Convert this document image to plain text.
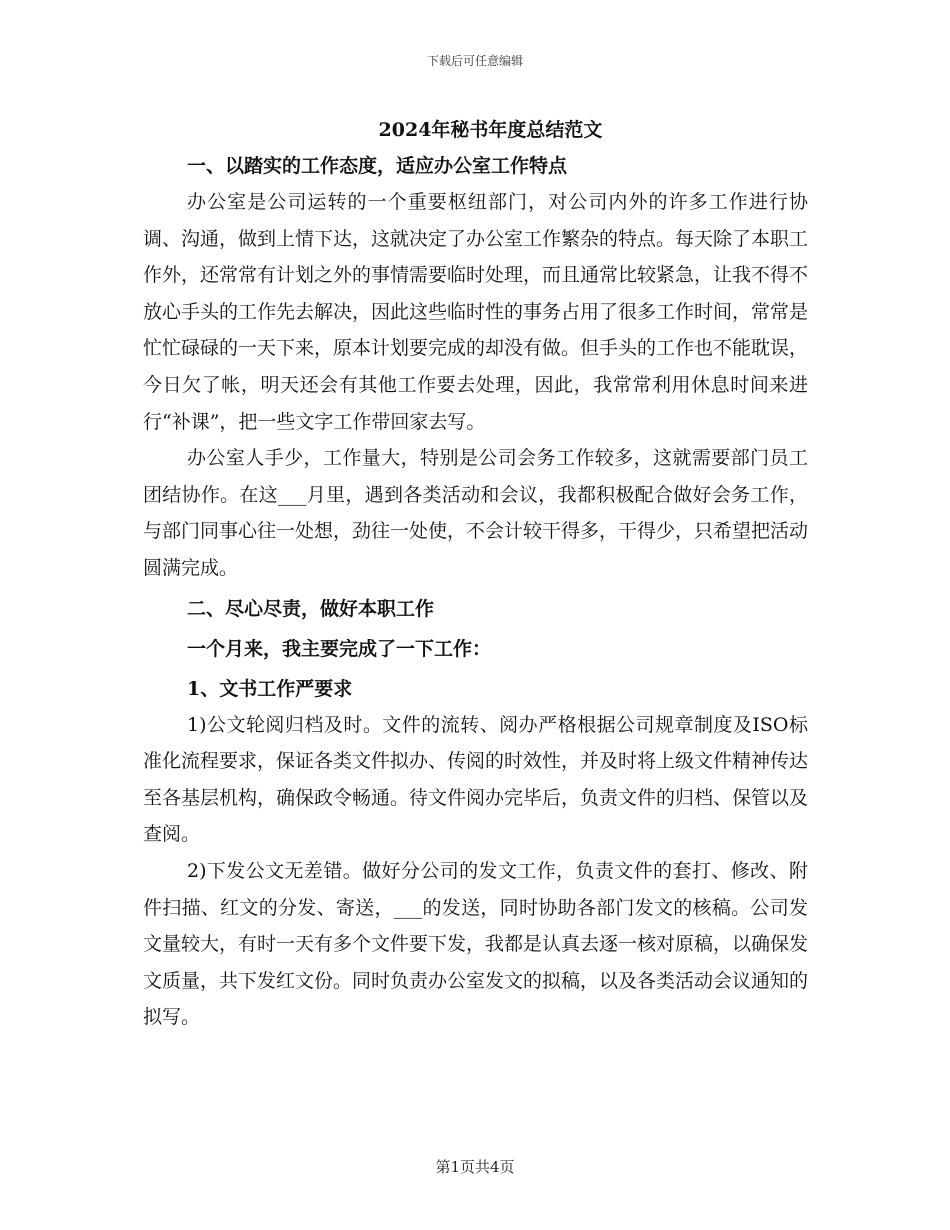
下载后可任意编辑
2024年秘书年度总结范文
一、以踏实的工作态度，适应办公室工作特点

办公室是公司运转的一个重要枢纽部门，对公司内外的许多工作进行协调、沟通，做到上情下达，这就决定了办公室工作繁杂的特点。每天除了本职工作外，还常常有计划之外的事情需要临时处理，而且通常比较紧急，让我不得不放心手头的工作先去解决，因此这些临时性的事务占用了很多工作时间，常常是忙忙碌碌的一天下来，原本计划要完成的却没有做。但手头的工作也不能耽误，今日欠了帐，明天还会有其他工作要去处理，因此，我常常利用休息时间来进行“补课”，把一些文字工作带回家去写。

办公室人手少，工作量大，特别是公司会务工作较多，这就需要部门员工团结协作。在这___月里，遇到各类活动和会议，我都积极配合做好会务工作，与部门同事心往一处想，劲往一处使，不会计较干得多，干得少，只希望把活动圆满完成。

二、尽心尽责，做好本职工作
一个月来，我主要完成了一下工作：
1、文书工作严要求

1)公文轮阅归档及时。文件的流转、阅办严格根据公司规章制度及ISO标准化流程要求，保证各类文件拟办、传阅的时效性，并及时将上级文件精神传达至各基层机构，确保政令畅通。待文件阅办完毕后，负责文件的归档、保管以及查阅。

2)下发公文无差错。做好分公司的发文工作，负责文件的套打、修改、附件扫描、红文的分发、寄送，___的发送，同时协助各部门发文的核稿。公司发文量较大，有时一天有多个文件要下发，我都是认真去逐一核对原稿，以确保发文质量，共下发红文份。同时负责办公室发文的拟稿，以及各类活动会议通知的拟写。

第1页共4页
